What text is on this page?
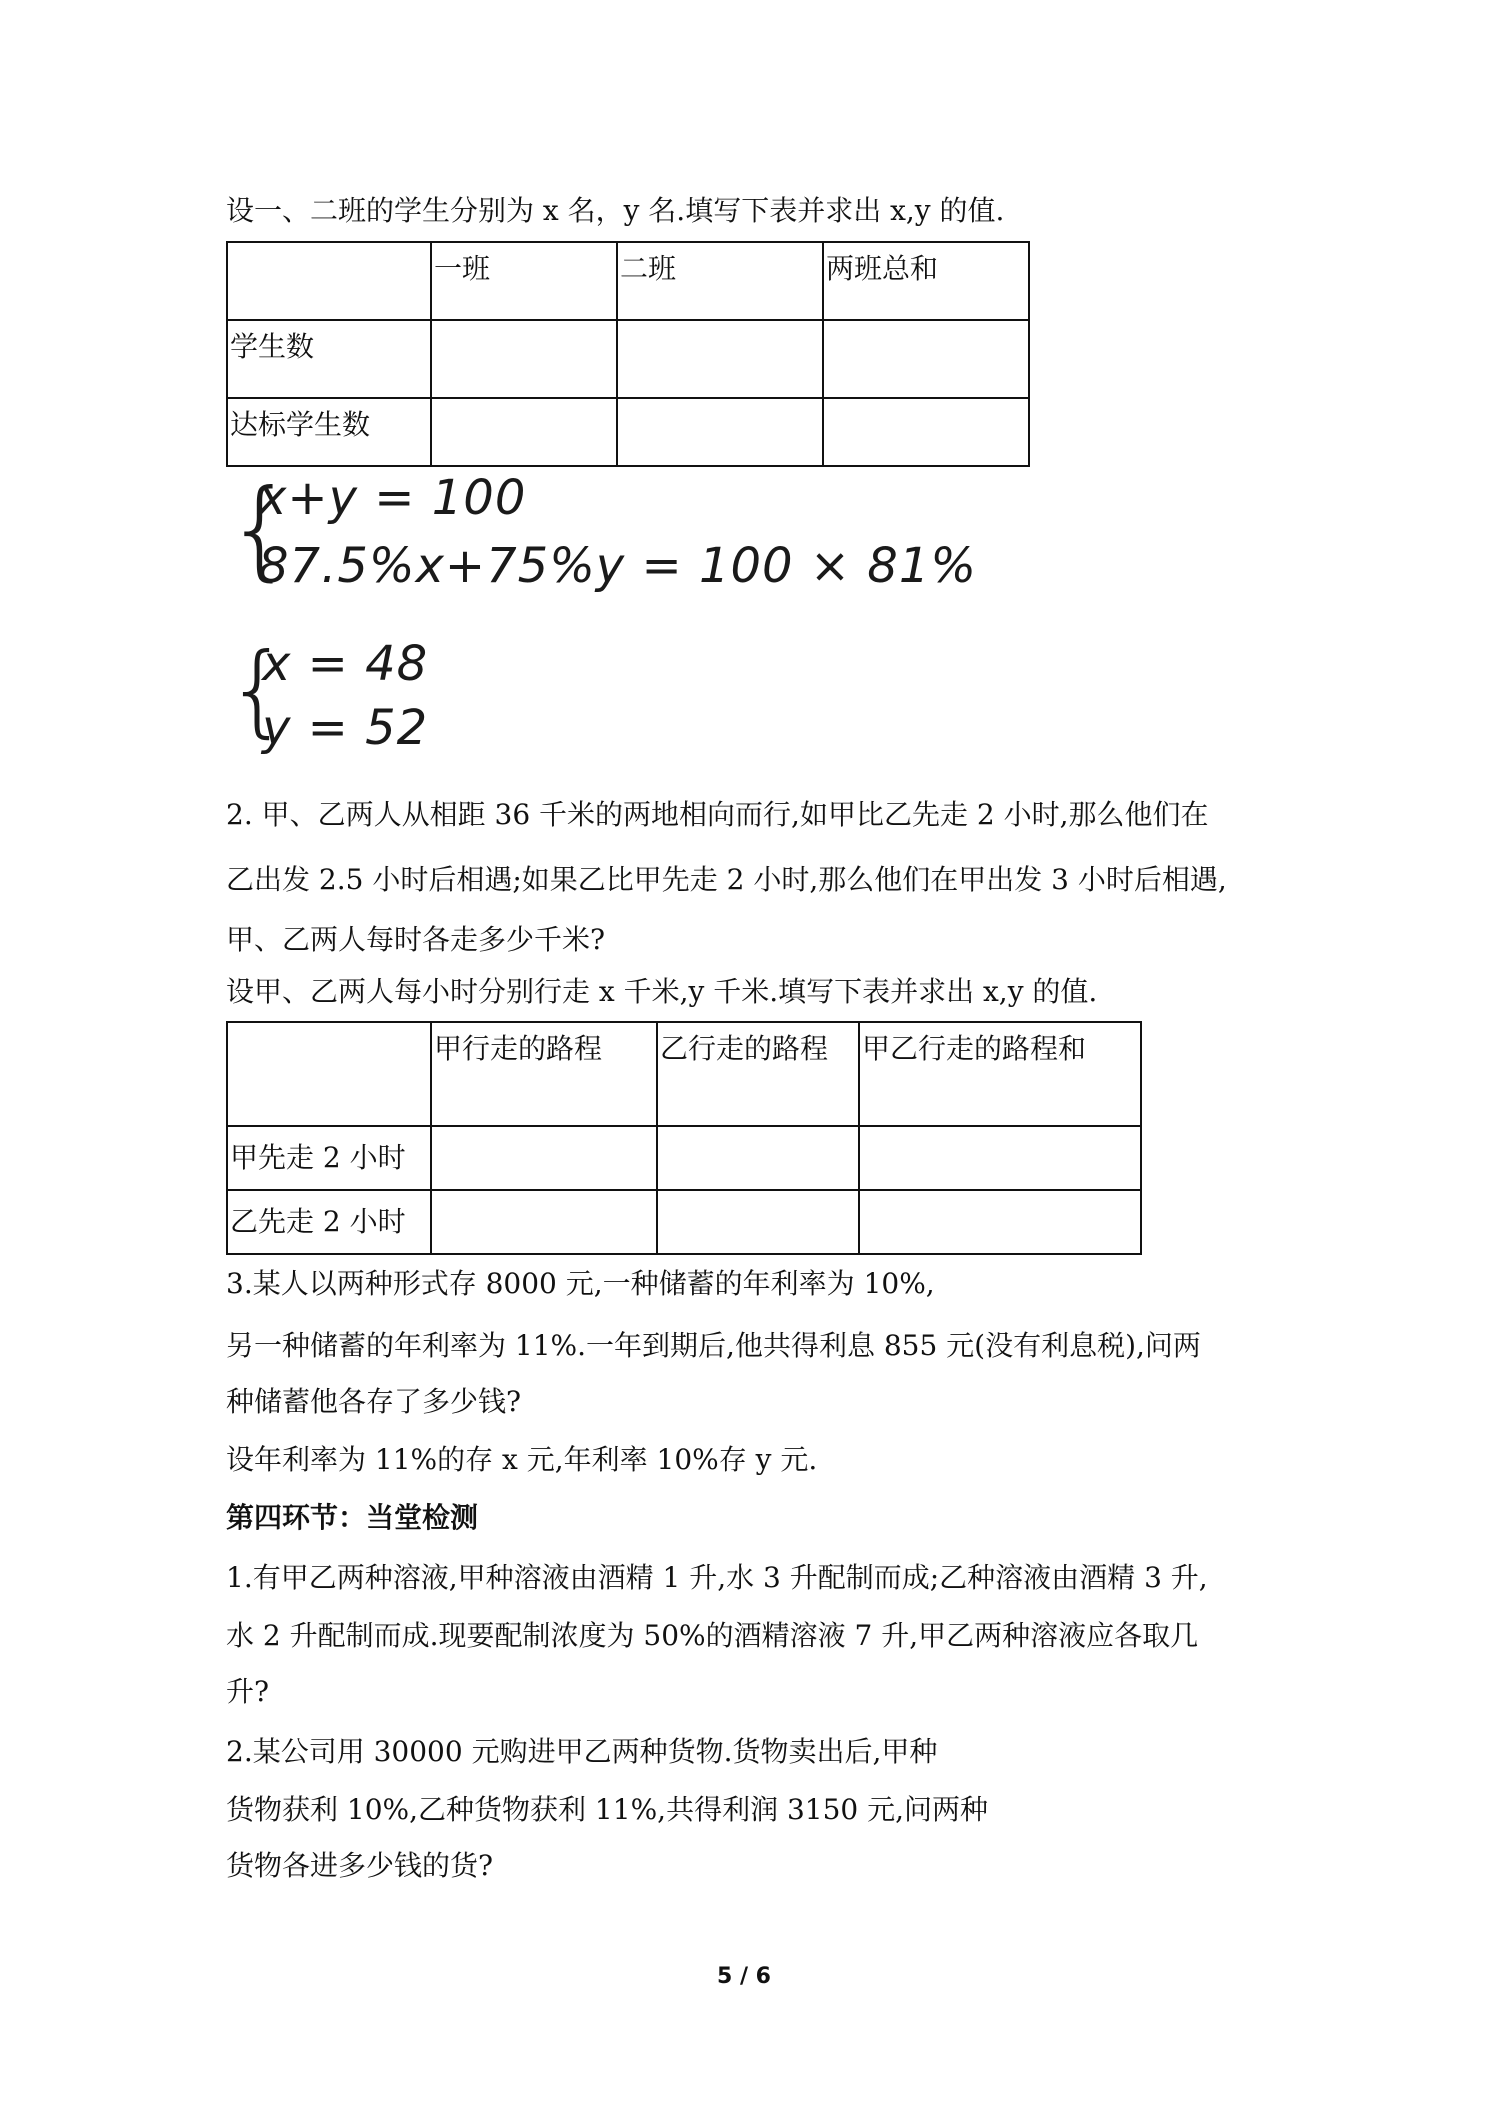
设一、二班的学生分别为 x 名，y 名.填写下表并求出 x,y 的值.
	一班	二班	两班总和
学生数			
达标学生数			
{
x+y = 100
87.5%x+75%y = 100 × 81%
{
x = 48
y = 52
2. 甲、乙两人从相距 36 千米的两地相向而行,如甲比乙先走 2 小时,那么他们在
乙出发 2.5 小时后相遇;如果乙比甲先走 2 小时,那么他们在甲出发 3 小时后相遇,
甲、乙两人每时各走多少千米?
设甲、乙两人每小时分别行走 x 千米,y 千米.填写下表并求出 x,y 的值.
	甲行走的路程	乙行走的路程	甲乙行走的路程和
甲先走 2 小时			
乙先走 2 小时			
3.某人以两种形式存 8000 元,一种储蓄的年利率为 10%,
另一种储蓄的年利率为 11%.一年到期后,他共得利息 855 元(没有利息税),问两
种储蓄他各存了多少钱?
设年利率为 11%的存 x 元,年利率 10%存 y 元.
第四环节：当堂检测
1.有甲乙两种溶液,甲种溶液由酒精 1 升,水 3 升配制而成;乙种溶液由酒精 3 升,
水 2 升配制而成.现要配制浓度为 50%的酒精溶液 7 升,甲乙两种溶液应各取几
升?
2.某公司用 30000 元购进甲乙两种货物.货物卖出后,甲种
货物获利 10%,乙种货物获利 11%,共得利润 3150 元,问两种
货物各进多少钱的货?
5 / 6
